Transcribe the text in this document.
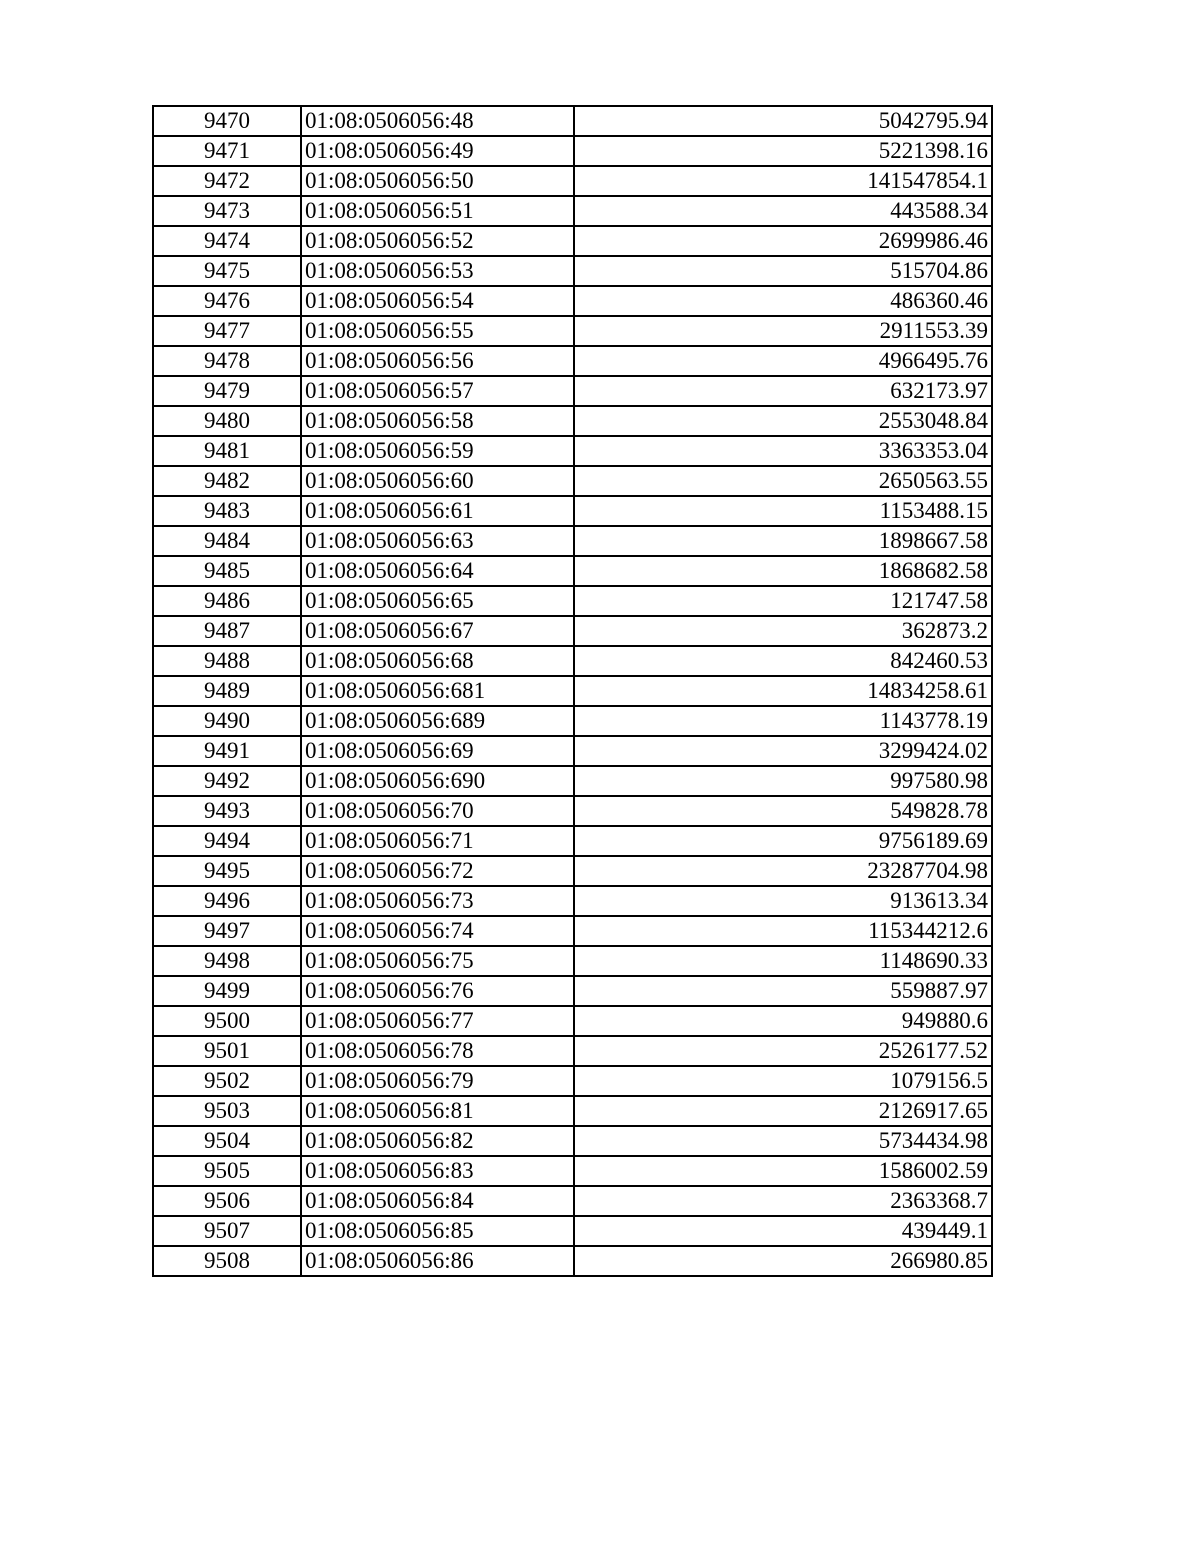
9470	01:08:0506056:48	5042795.94
9471	01:08:0506056:49	5221398.16
9472	01:08:0506056:50	141547854.1
9473	01:08:0506056:51	443588.34
9474	01:08:0506056:52	2699986.46
9475	01:08:0506056:53	515704.86
9476	01:08:0506056:54	486360.46
9477	01:08:0506056:55	2911553.39
9478	01:08:0506056:56	4966495.76
9479	01:08:0506056:57	632173.97
9480	01:08:0506056:58	2553048.84
9481	01:08:0506056:59	3363353.04
9482	01:08:0506056:60	2650563.55
9483	01:08:0506056:61	1153488.15
9484	01:08:0506056:63	1898667.58
9485	01:08:0506056:64	1868682.58
9486	01:08:0506056:65	121747.58
9487	01:08:0506056:67	362873.2
9488	01:08:0506056:68	842460.53
9489	01:08:0506056:681	14834258.61
9490	01:08:0506056:689	1143778.19
9491	01:08:0506056:69	3299424.02
9492	01:08:0506056:690	997580.98
9493	01:08:0506056:70	549828.78
9494	01:08:0506056:71	9756189.69
9495	01:08:0506056:72	23287704.98
9496	01:08:0506056:73	913613.34
9497	01:08:0506056:74	115344212.6
9498	01:08:0506056:75	1148690.33
9499	01:08:0506056:76	559887.97
9500	01:08:0506056:77	949880.6
9501	01:08:0506056:78	2526177.52
9502	01:08:0506056:79	1079156.5
9503	01:08:0506056:81	2126917.65
9504	01:08:0506056:82	5734434.98
9505	01:08:0506056:83	1586002.59
9506	01:08:0506056:84	2363368.7
9507	01:08:0506056:85	439449.1
9508	01:08:0506056:86	266980.85
